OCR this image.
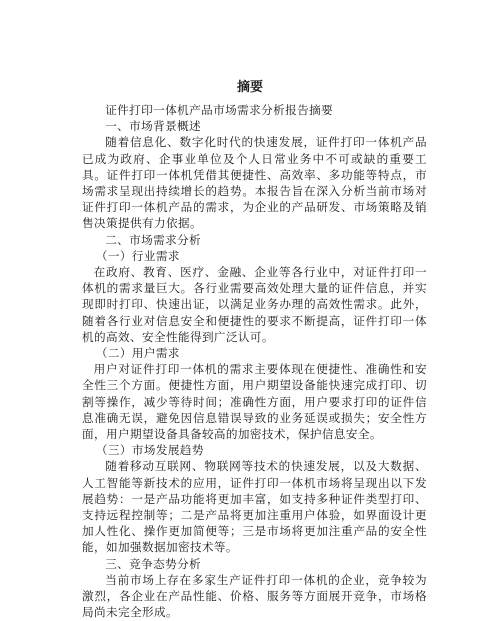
摘要

证件打印一体机产品市场需求分析报告摘要

一、市场背景概述

随着信息化、数字化时代的快速发展，证件打印一体机产品已成为政府、企事业单位及个人日常业务中不可或缺的重要工具。证件打印一体机凭借其便捷性、高效率、多功能等特点，市场需求呈现出持续增长的趋势。本报告旨在深入分析当前市场对证件打印一体机产品的需求，为企业的产品研发、市场策略及销售决策提供有力依据。

二、市场需求分析

（一）行业需求

在政府、教育、医疗、金融、企业等各行业中，对证件打印一体机的需求量巨大。各行业需要高效处理大量的证件信息，并实现即时打印、快速出证，以满足业务办理的高效性需求。此外，随着各行业对信息安全和便捷性的要求不断提高，证件打印一体机的高效、安全性能得到广泛认可。

（二）用户需求

用户对证件打印一体机的需求主要体现在便捷性、准确性和安全性三个方面。便捷性方面，用户期望设备能快速完成打印、切割等操作，减少等待时间；准确性方面，用户要求打印的证件信息准确无误，避免因信息错误导致的业务延误或损失；安全性方面，用户期望设备具备较高的加密技术，保护信息安全。

（三）市场发展趋势

随着移动互联网、物联网等技术的快速发展，以及大数据、人工智能等新技术的应用，证件打印一体机市场将呈现出以下发展趋势：一是产品功能将更加丰富，如支持多种证件类型打印、支持远程控制等；二是产品将更加注重用户体验，如界面设计更加人性化、操作更加简便等；三是市场将更加注重产品的安全性能，如加强数据加密技术等。

三、竞争态势分析

当前市场上存在多家生产证件打印一体机的企业，竞争较为激烈，各企业在产品性能、价格、服务等方面展开竞争，市场格局尚未完全形成。
